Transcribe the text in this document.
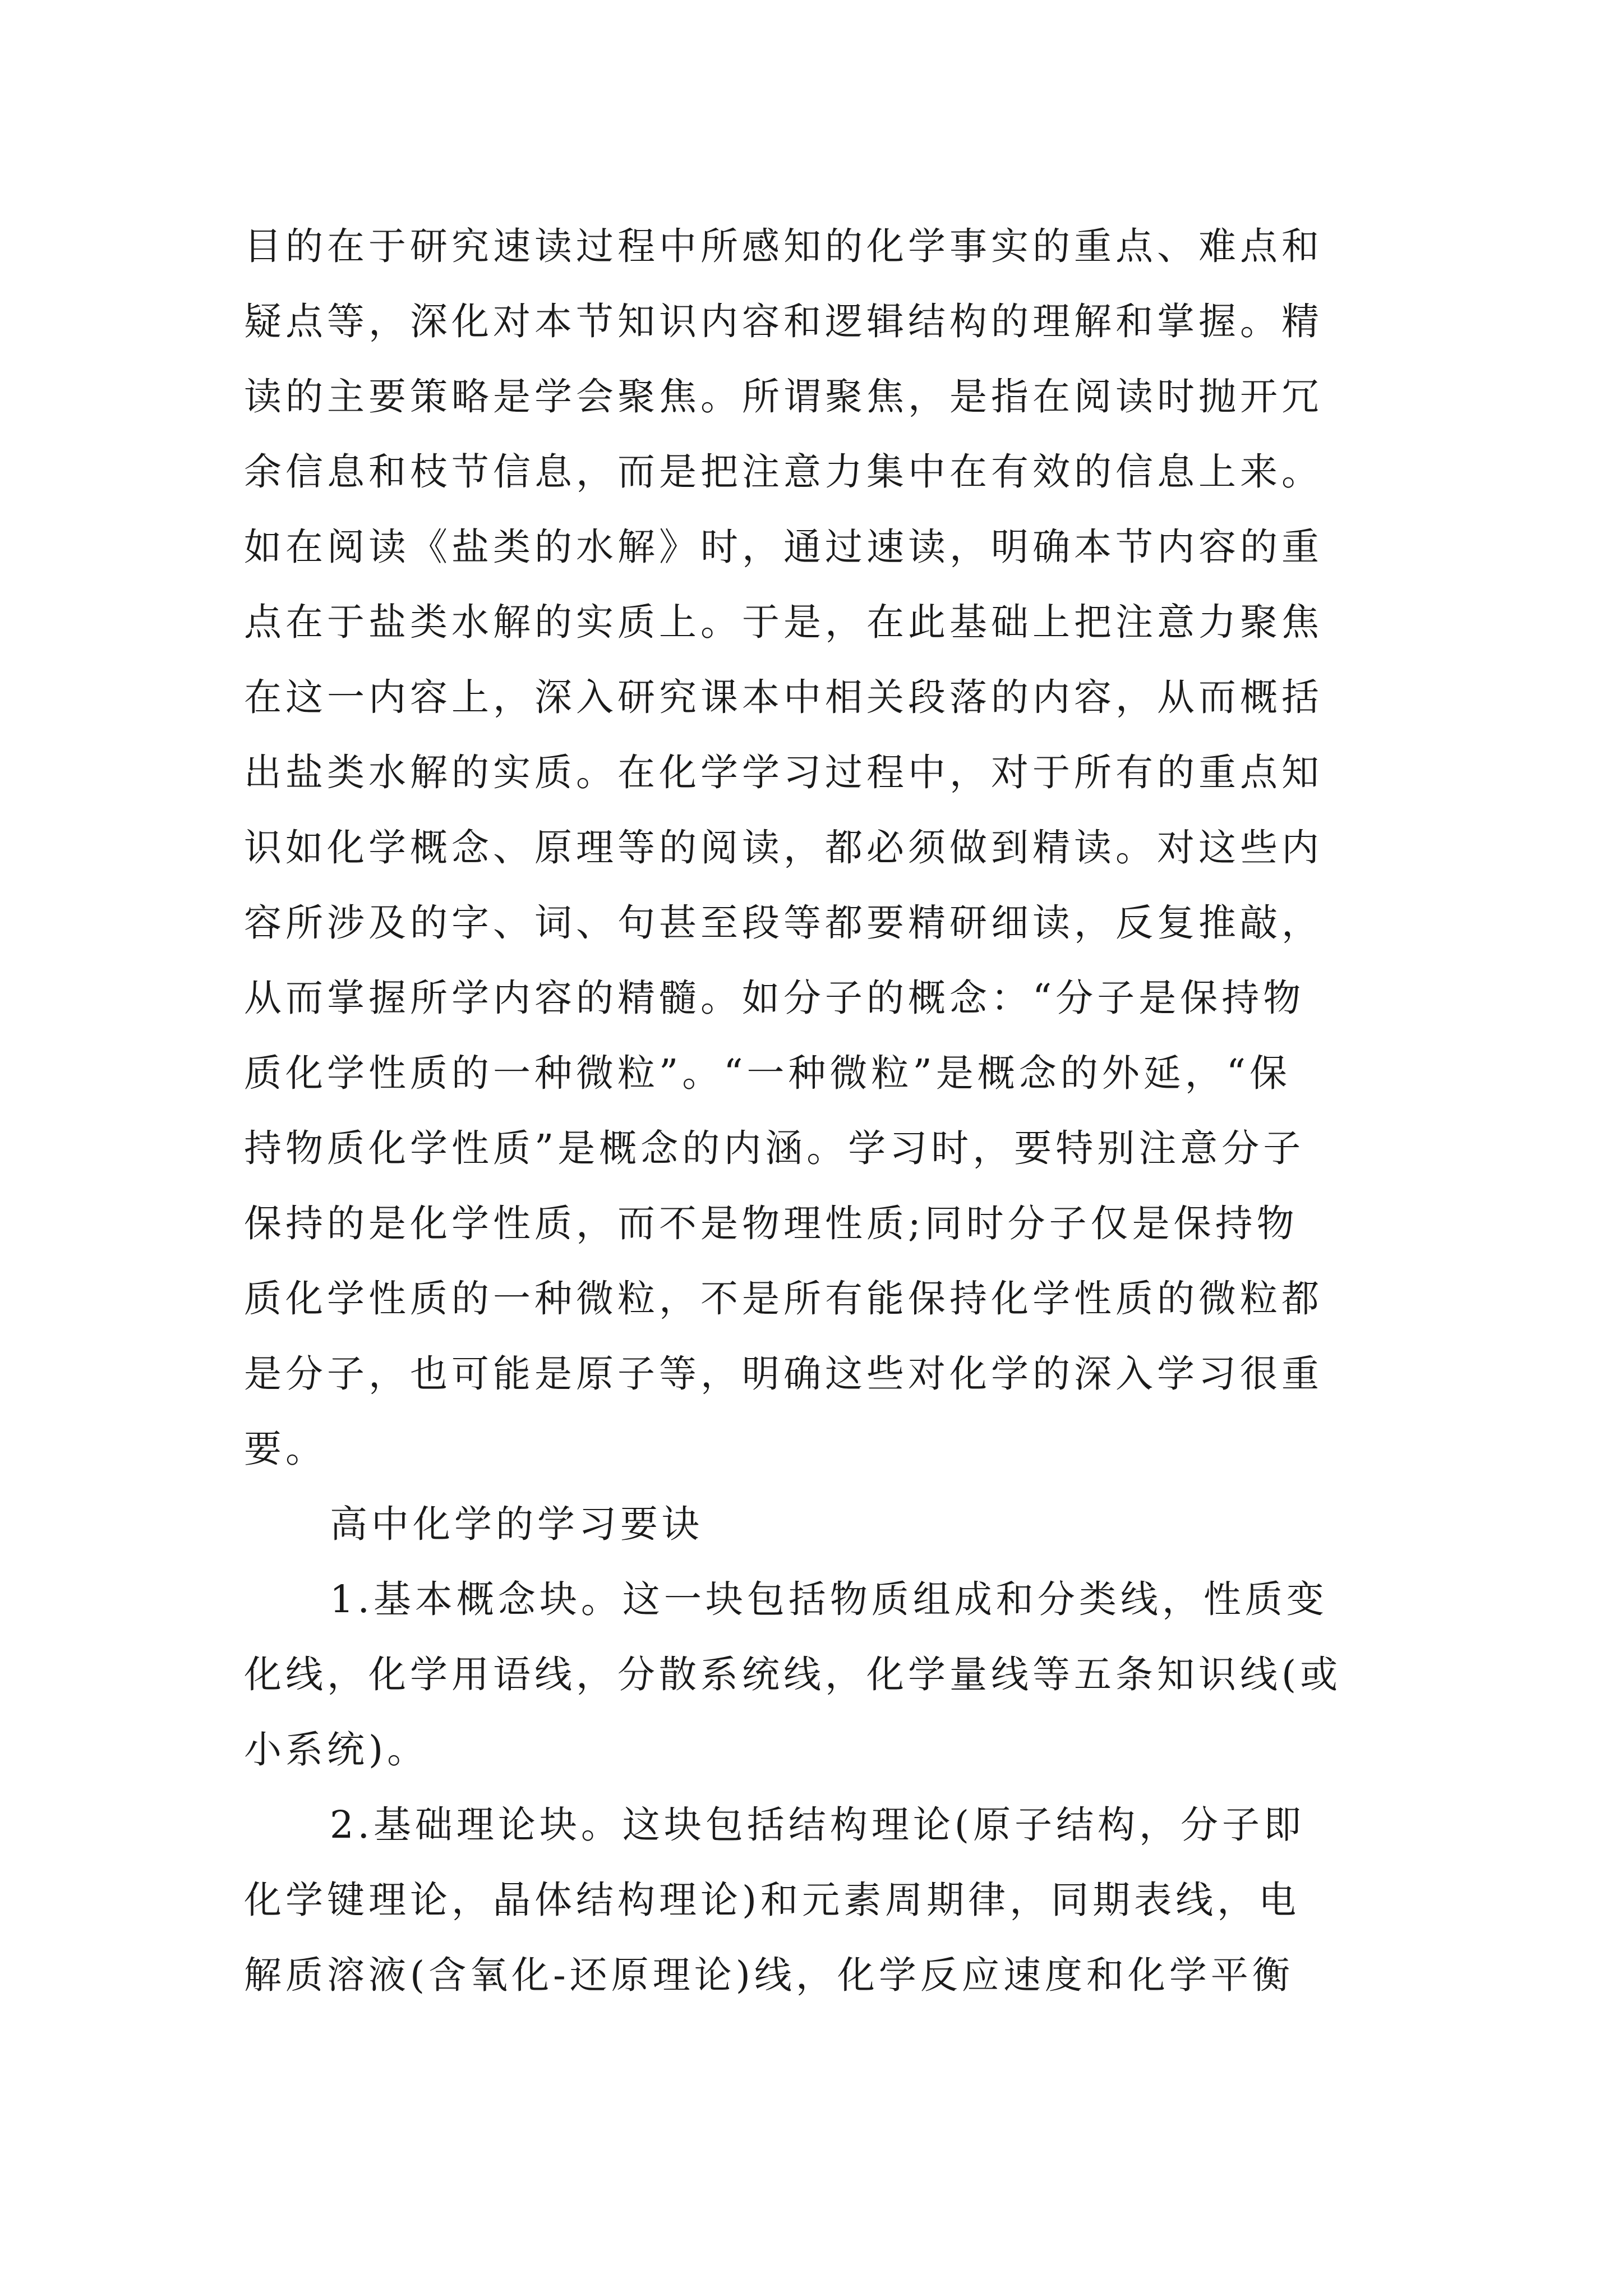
目的在于研究速读过程中所感知的化学事实的重点、难点和
疑点等，深化对本节知识内容和逻辑结构的理解和掌握。精
读的主要策略是学会聚焦。所谓聚焦，是指在阅读时抛开冗
余信息和枝节信息，而是把注意力集中在有效的信息上来。
如在阅读《盐类的水解》时，通过速读，明确本节内容的重
点在于盐类水解的实质上。于是，在此基础上把注意力聚焦
在这一内容上，深入研究课本中相关段落的内容，从而概括
出盐类水解的实质。在化学学习过程中，对于所有的重点知
识如化学概念、原理等的阅读，都必须做到精读。对这些内
容所涉及的字、词、句甚至段等都要精研细读，反复推敲，
从而掌握所学内容的精髓。如分子的概念：“分子是保持物
质化学性质的一种微粒”。“一种微粒”是概念的外延，“保
持物质化学性质”是概念的内涵。学习时，要特别注意分子
保持的是化学性质，而不是物理性质;同时分子仅是保持物
质化学性质的一种微粒，不是所有能保持化学性质的微粒都
是分子，也可能是原子等，明确这些对化学的深入学习很重
要。
高中化学的学习要诀
1.基本概念块。这一块包括物质组成和分类线，性质变
化线，化学用语线，分散系统线，化学量线等五条知识线(或
小系统)。
2.基础理论块。这块包括结构理论(原子结构，分子即
化学键理论，晶体结构理论)和元素周期律，同期表线，电
解质溶液(含氧化-还原理论)线，化学反应速度和化学平衡
